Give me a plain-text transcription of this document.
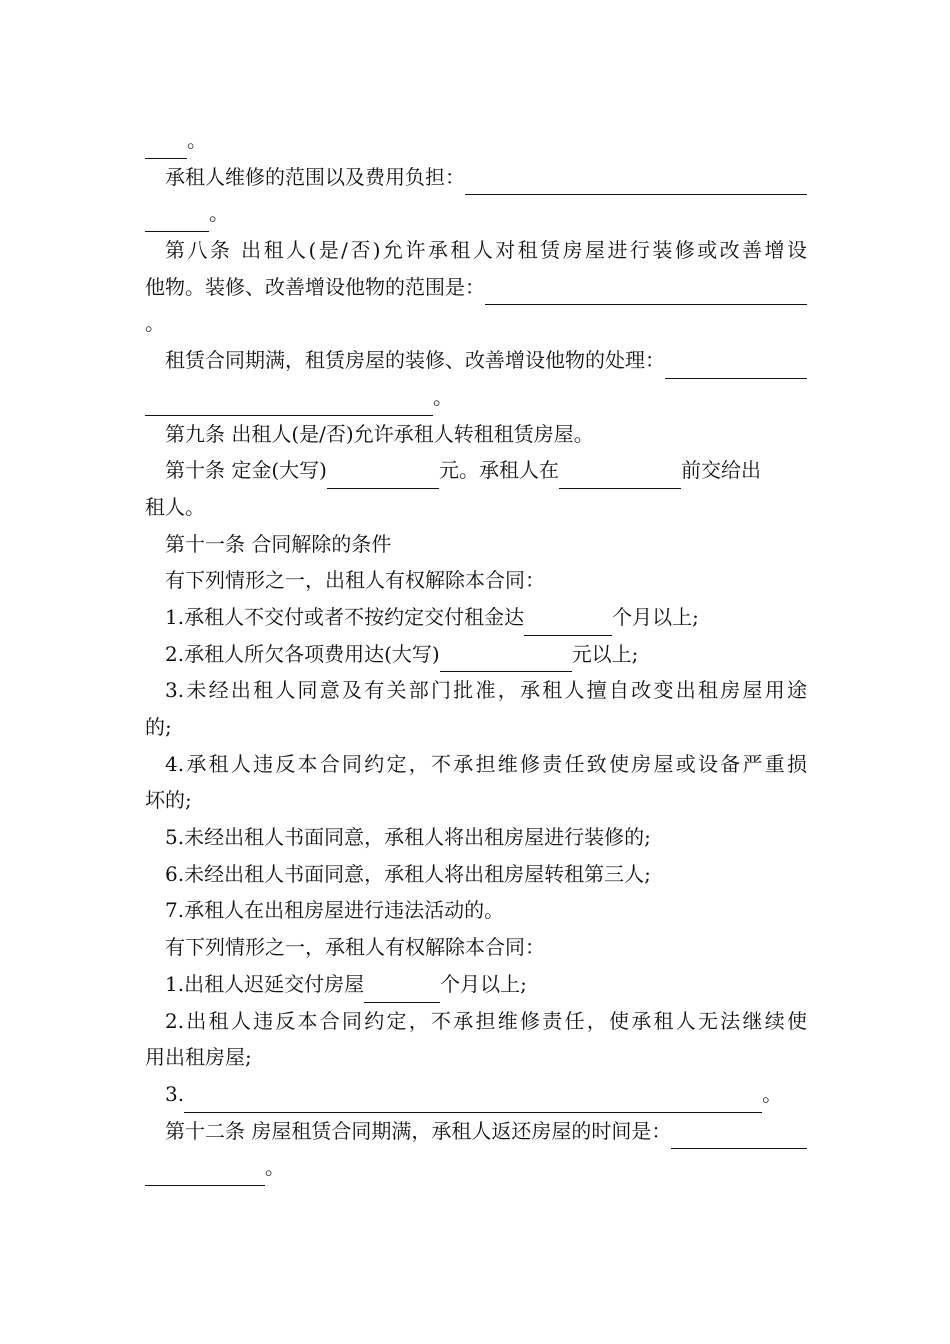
。
承租人维修的范围以及费用负担：
。
第八条 出租人(是/否)允许承租人对租赁房屋进行装修或改善增设
他物。装修、改善增设他物的范围是：
。
租赁合同期满，租赁房屋的装修、改善增设他物的处理：
。
第九条 出租人(是/否)允许承租人转租租赁房屋。
第十条 定金(大写)	元。承租人在	前交给出
租人。
第十一条 合同解除的条件
有下列情形之一，出租人有权解除本合同：
1.承租人不交付或者不按约定交付租金达	个月以上;
2.承租人所欠各项费用达(大写)	元以上;
3.未经出租人同意及有关部门批准，承租人擅自改变出租房屋用途
的;
4.承租人违反本合同约定，不承担维修责任致使房屋或设备严重损
坏的;
5.未经出租人书面同意，承租人将出租房屋进行装修的;
6.未经出租人书面同意，承租人将出租房屋转租第三人;
7.承租人在出租房屋进行违法活动的。
有下列情形之一，承租人有权解除本合同：
1.出租人迟延交付房屋	个月以上;
2.出租人违反本合同约定，不承担维修责任，使承租人无法继续使
用出租房屋;
3.	。
第十二条 房屋租赁合同期满，承租人返还房屋的时间是：
。
